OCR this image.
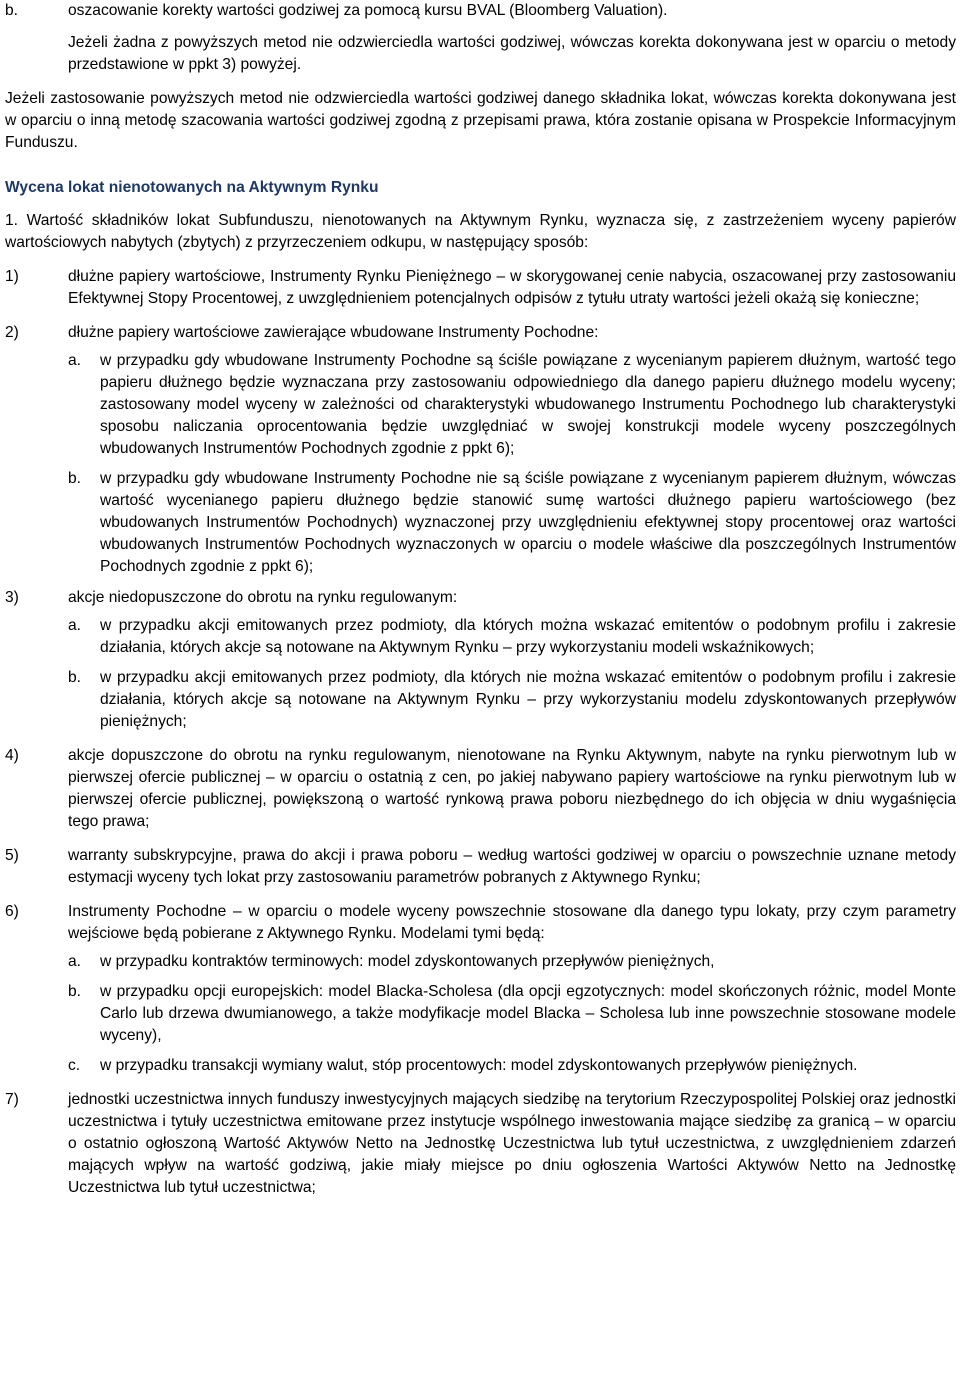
b.	oszacowanie korekty wartości godziwej za pomocą kursu BVAL (Bloomberg Valuation).

Jeżeli żadna z powyższych metod nie odzwierciedla wartości godziwej, wówczas korekta dokonywana jest w oparciu o metody przedstawione w ppkt 3) powyżej.

Jeżeli zastosowanie powyższych metod nie odzwierciedla wartości godziwej danego składnika lokat, wówczas korekta dokonywana jest w oparciu o inną metodę szacowania wartości godziwej zgodną z przepisami prawa, która zostanie opisana w Prospekcie Informacyjnym Funduszu.

Wycena lokat nienotowanych na Aktywnym Rynku

1. Wartość składników lokat Subfunduszu, nienotowanych na Aktywnym Rynku, wyznacza się, z zastrzeżeniem wyceny papierów wartościowych nabytych (zbytych) z przyrzeczeniem odkupu, w następujący sposób:

1)	dłużne papiery wartościowe, Instrumenty Rynku Pieniężnego – w skorygowanej cenie nabycia, oszacowanej przy zastosowaniu Efektywnej Stopy Procentowej, z uwzględnieniem potencjalnych odpisów z tytułu utraty wartości jeżeli okażą się konieczne;

2)	dłużne papiery wartościowe zawierające wbudowane Instrumenty Pochodne:

a. w przypadku gdy wbudowane Instrumenty Pochodne są ściśle powiązane z wycenianym papierem dłużnym, wartość tego papieru dłużnego będzie wyznaczana przy zastosowaniu odpowiedniego dla danego papieru dłużnego modelu wyceny; zastosowany model wyceny w zależności od charakterystyki wbudowanego Instrumentu Pochodnego lub charakterystyki sposobu naliczania oprocentowania będzie uwzględniać w swojej konstrukcji modele wyceny poszczególnych wbudowanych Instrumentów Pochodnych zgodnie z ppkt 6);

b. w przypadku gdy wbudowane Instrumenty Pochodne nie są ściśle powiązane z wycenianym papierem dłużnym, wówczas wartość wycenianego papieru dłużnego będzie stanowić sumę wartości dłużnego papieru wartościowego (bez wbudowanych Instrumentów Pochodnych) wyznaczonej przy uwzględnieniu efektywnej stopy procentowej oraz wartości wbudowanych Instrumentów Pochodnych wyznaczonych w oparciu o modele właściwe dla poszczególnych Instrumentów Pochodnych zgodnie z ppkt 6);

3)	akcje niedopuszczone do obrotu na rynku regulowanym:

a. w przypadku akcji emitowanych przez podmioty, dla których można wskazać emitentów o podobnym profilu i zakresie działania, których akcje są notowane na Aktywnym Rynku – przy wykorzystaniu modeli wskaźnikowych;

b. w przypadku akcji emitowanych przez podmioty, dla których nie można wskazać emitentów o podobnym profilu i zakresie działania, których akcje są notowane na Aktywnym Rynku – przy wykorzystaniu modelu zdyskontowanych przepływów pieniężnych;

4)	akcje dopuszczone do obrotu na rynku regulowanym, nienotowane na Rynku Aktywnym, nabyte na rynku pierwotnym lub w pierwszej ofercie publicznej – w oparciu o ostatnią z cen, po jakiej nabywano papiery wartościowe na rynku pierwotnym lub w pierwszej ofercie publicznej, powiększoną o wartość rynkową prawa poboru niezbędnego do ich objęcia w dniu wygaśnięcia tego prawa;

5)	warranty subskrypcyjne, prawa do akcji i prawa poboru – według wartości godziwej w oparciu o powszechnie uznane metody estymacji wyceny tych lokat przy zastosowaniu parametrów pobranych z Aktywnego Rynku;

6)	Instrumenty Pochodne – w oparciu o modele wyceny powszechnie stosowane dla danego typu lokaty, przy czym parametry wejściowe będą pobierane z Aktywnego Rynku. Modelami tymi będą:

a. w przypadku kontraktów terminowych: model zdyskontowanych przepływów pieniężnych,

b. w przypadku opcji europejskich: model Blacka-Scholesa (dla opcji egzotycznych: model skończonych różnic, model Monte Carlo lub drzewa dwumianowego, a także modyfikacje model Blacka – Scholesa lub inne powszechnie stosowane modele wyceny),

c. w przypadku transakcji wymiany walut, stóp procentowych: model zdyskontowanych przepływów pieniężnych.

7)	jednostki uczestnictwa innych funduszy inwestycyjnych mających siedzibę na terytorium Rzeczypospolitej Polskiej oraz jednostki uczestnictwa i tytuły uczestnictwa emitowane przez instytucje wspólnego inwestowania mające siedzibę za granicą – w oparciu o ostatnio ogłoszoną Wartość Aktywów Netto na Jednostkę Uczestnictwa lub tytuł uczestnictwa, z uwzględnieniem zdarzeń mających wpływ na wartość godziwą, jakie miały miejsce po dniu ogłoszenia Wartości Aktywów Netto na Jednostkę Uczestnictwa lub tytuł uczestnictwa;
